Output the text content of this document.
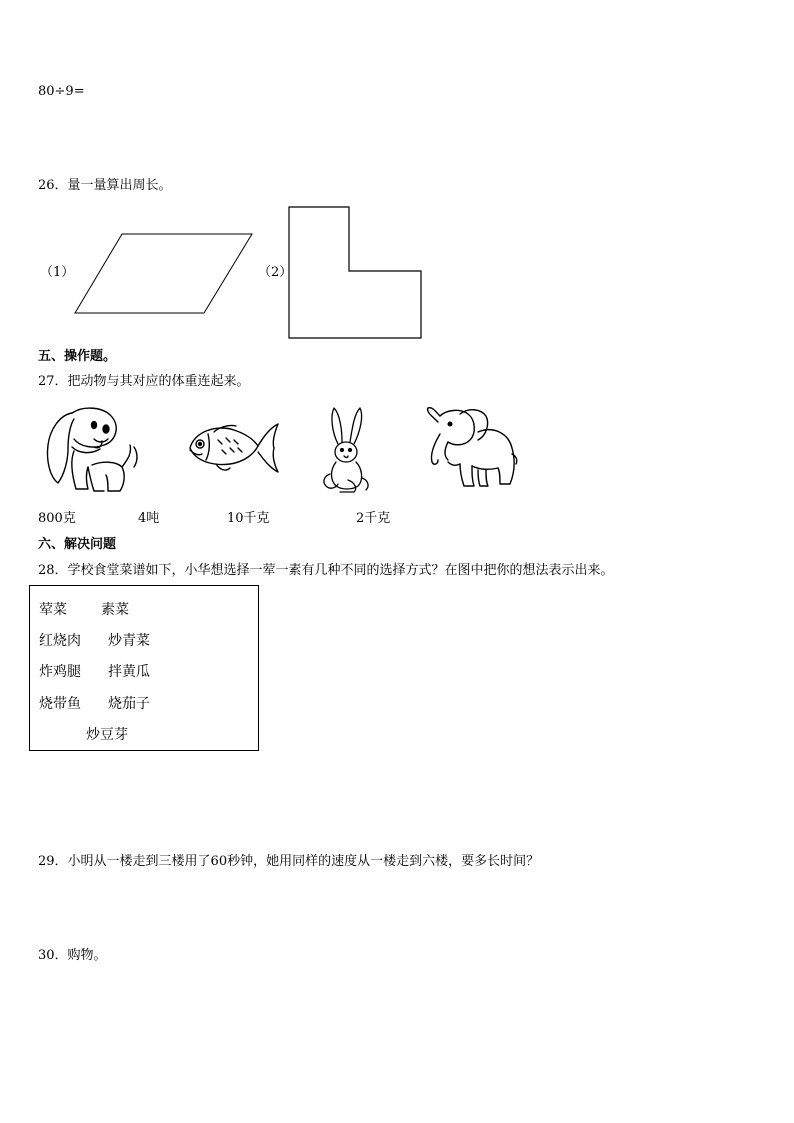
80÷9=
26．量一量算出周长。
（1）	（2）
五、操作题。
27．把动物与其对应的体重连起来。
800克	4吨	10千克	2千克
六、解决问题
28．学校食堂菜谱如下，小华想选择一荤一素有几种不同的选择方式？在图中把你的想法表示出来。
荤菜 素菜
红烧肉 炒青菜
炸鸡腿 拌黄瓜
烧带鱼 烧茄子
炒豆芽
29．小明从一楼走到三楼用了60秒钟，她用同样的速度从一楼走到六楼，要多长时间？
30．购物。
